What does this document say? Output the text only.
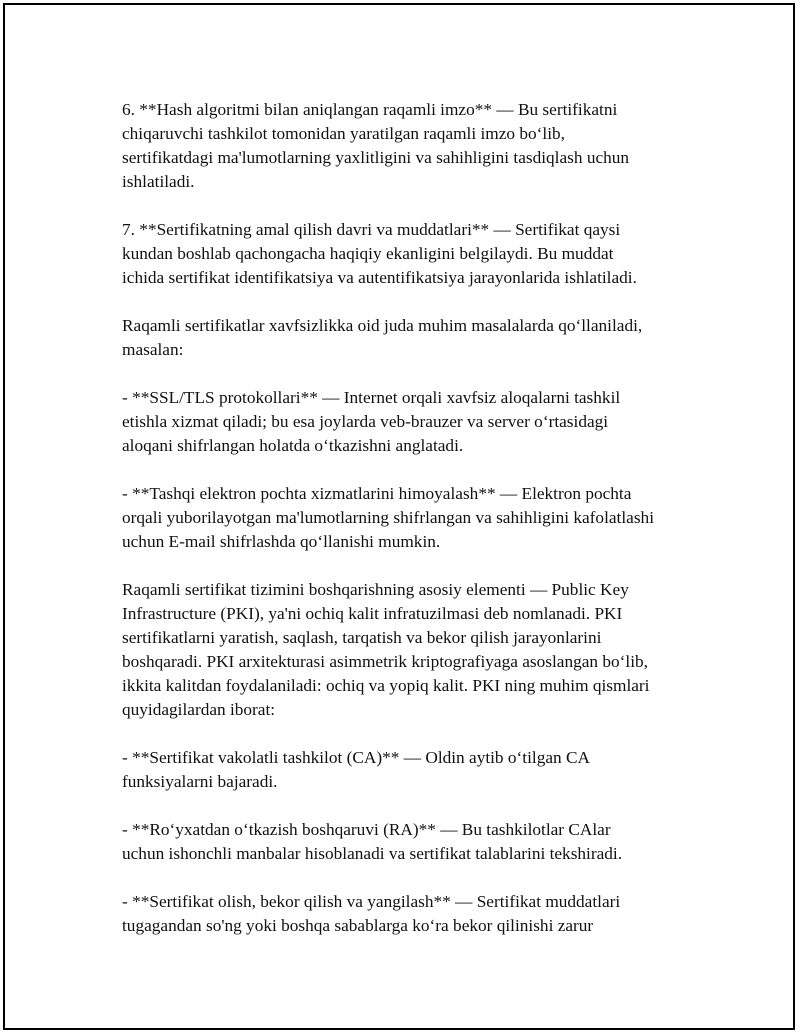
6. **Hash algoritmi bilan aniqlangan raqamli imzo** — Bu sertifikatni
chiqaruvchi tashkilot tomonidan yaratilgan raqamli imzo bo‘lib,
sertifikatdagi ma'lumotlarning yaxlitligini va sahihligini tasdiqlash uchun
ishlatiladi.

7. **Sertifikatning amal qilish davri va muddatlari** — Sertifikat qaysi
kundan boshlab qachongacha haqiqiy ekanligini belgilaydi. Bu muddat
ichida sertifikat identifikatsiya va autentifikatsiya jarayonlarida ishlatiladi.

Raqamli sertifikatlar xavfsizlikka oid juda muhim masalalarda qo‘llaniladi,
masalan:

- **SSL/TLS protokollari** — Internet orqali xavfsiz aloqalarni tashkil
etishla xizmat qiladi; bu esa joylarda veb-brauzer va server o‘rtasidagi
aloqani shifrlangan holatda o‘tkazishni anglatadi.

- **Tashqi elektron pochta xizmatlarini himoyalash** — Elektron pochta
orqali yuborilayotgan ma'lumotlarning shifrlangan va sahihligini kafolatlashi
uchun E-mail shifrlashda qo‘llanishi mumkin.

Raqamli sertifikat tizimini boshqarishning asosiy elementi — Public Key
Infrastructure (PKI), ya'ni ochiq kalit infratuzilmasi deb nomlanadi. PKI
sertifikatlarni yaratish, saqlash, tarqatish va bekor qilish jarayonlarini
boshqaradi. PKI arxitekturasi asimmetrik kriptografiyaga asoslangan bo‘lib,
ikkita kalitdan foydalaniladi: ochiq va yopiq kalit. PKI ning muhim qismlari
quyidagilardan iborat:

- **Sertifikat vakolatli tashkilot (CA)** — Oldin aytib o‘tilgan CA
funksiyalarni bajaradi.

- **Ro‘yxatdan o‘tkazish boshqaruvi (RA)** — Bu tashkilotlar CAlar
uchun ishonchli manbalar hisoblanadi va sertifikat talablarini tekshiradi.

- **Sertifikat olish, bekor qilish va yangilash** — Sertifikat muddatlari
tugagandan so'ng yoki boshqa sabablarga ko‘ra bekor qilinishi zarur
